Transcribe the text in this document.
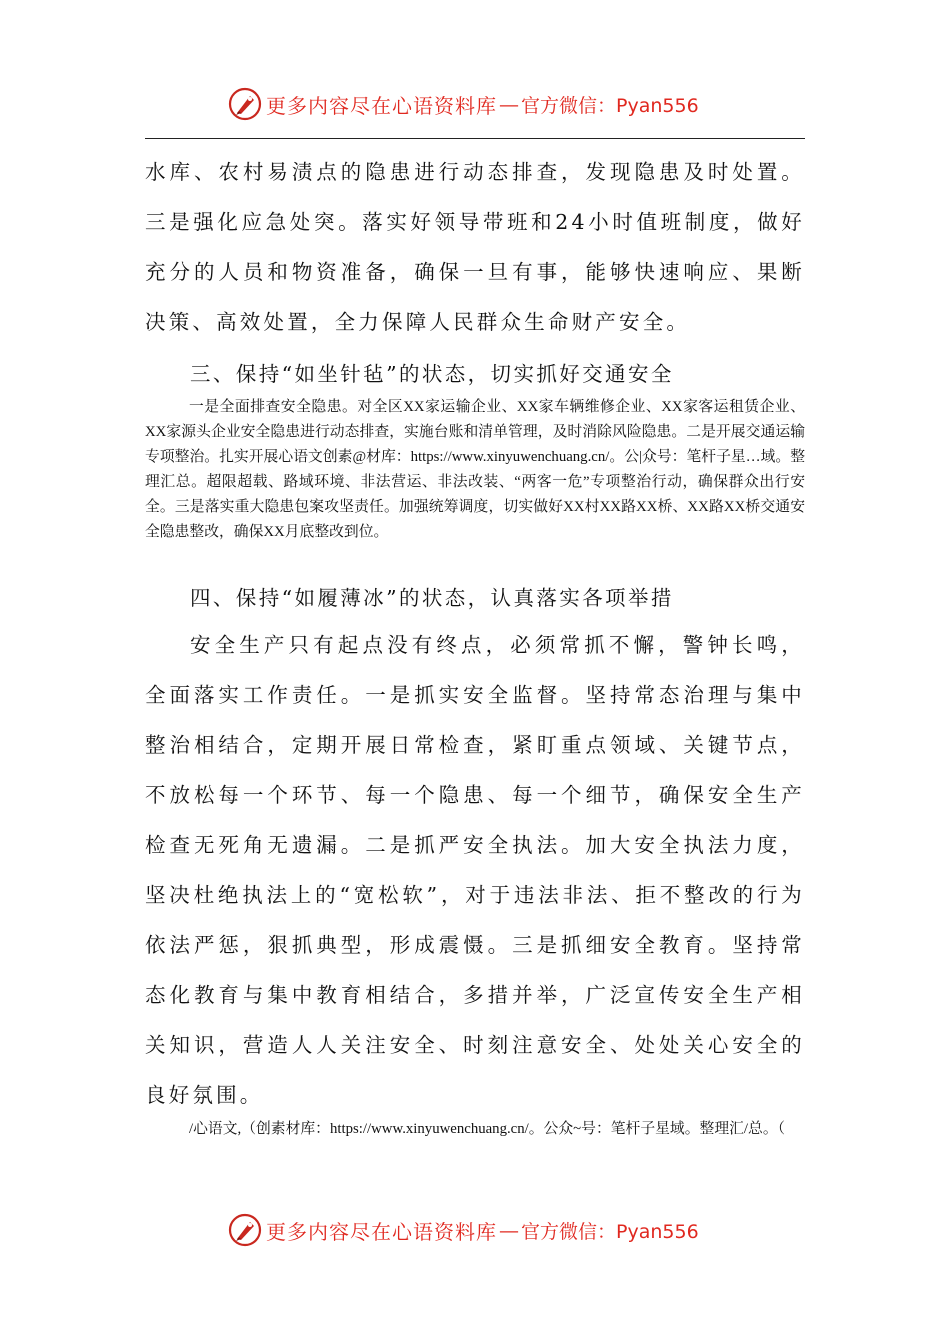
更多内容尽在心语资料库 — 官方微信：Pyan556
水库、农村易渍点的隐患进行动态排查，发现隐患及时处置。三是强化应急处突。落实好领导带班和24小时值班制度，做好充分的人员和物资准备，确保一旦有事，能够快速响应、果断决策、高效处置，全力保障人民群众生命财产安全。
三、保持“如坐针毡”的状态，切实抓好交通安全
一是全面排查安全隐患。对全区XX家运输企业、XX家车辆维修企业、XX家客运租赁企业、XX家源头企业安全隐患进行动态排查，实施台账和清单管理，及时消除风险隐患。二是开展交通运输专项整治。扎实开展心语文创素@材库：https://www.xinyuwenchuang.cn/。公|众号：笔杆子星…域。整理汇总。超限超载、路域环境、非法营运、非法改装、“两客一危”专项整治行动，确保群众出行安全。三是落实重大隐患包案攻坚责任。加强统筹调度，切实做好XX村XX路XX桥、XX路XX桥交通安全隐患整改，确保XX月底整改到位。
四、保持“如履薄冰”的状态，认真落实各项举措
安全生产只有起点没有终点，必须常抓不懈，警钟长鸣，全面落实工作责任。一是抓实安全监督。坚持常态治理与集中整治相结合，定期开展日常检查，紧盯重点领域、关键节点，不放松每一个环节、每一个隐患、每一个细节，确保安全生产检查无死角无遗漏。二是抓严安全执法。加大安全执法力度，坚决杜绝执法上的“宽松软”，对于违法非法、拒不整改的行为依法严惩，狠抓典型，形成震慑。三是抓细安全教育。坚持常态化教育与集中教育相结合，多措并举，广泛宣传安全生产相关知识，营造人人关注安全、时刻注意安全、处处关心安全的良好氛围。
/心语文,（创素材库：https://www.xinyuwenchuang.cn/。公众~号：笔杆子星域。整理汇/总。（
更多内容尽在心语资料库 — 官方微信：Pyan556
